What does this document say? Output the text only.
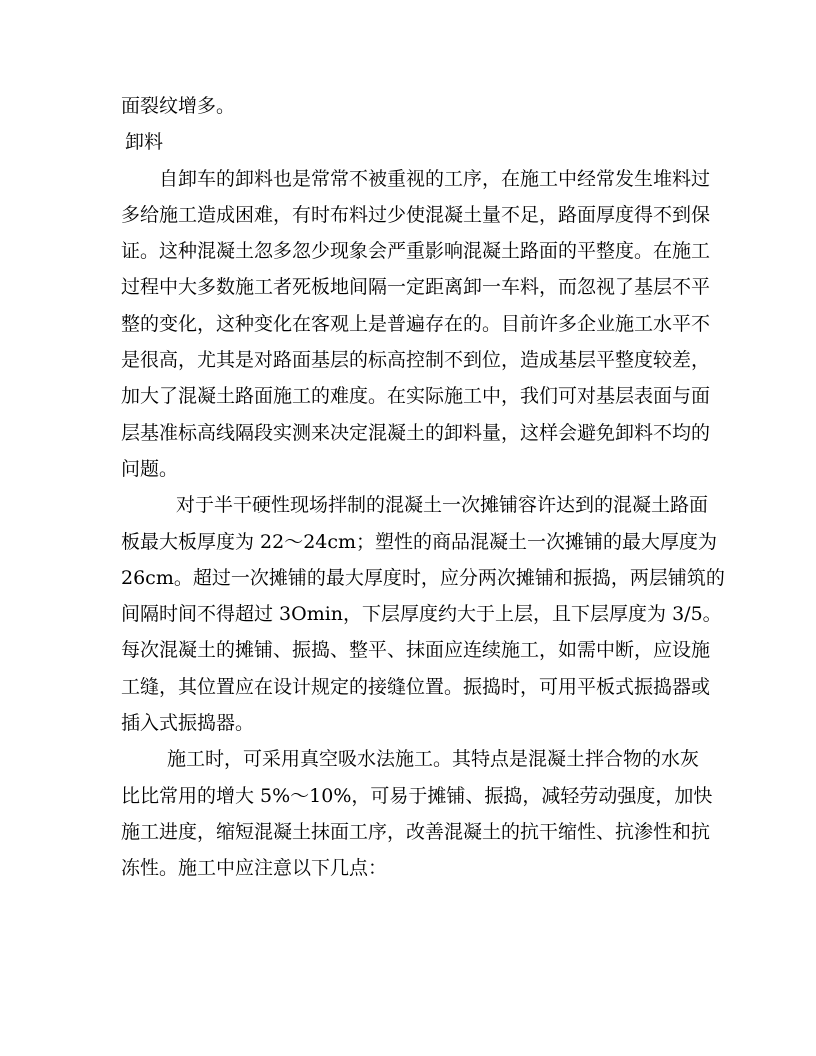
面裂纹增多。
卸料
自卸车的卸料也是常常不被重视的工序，在施工中经常发生堆料过
多给施工造成困难，有时布料过少使混凝土量不足，路面厚度得不到保
证。这种混凝土忽多忽少现象会严重影响混凝土路面的平整度。在施工
过程中大多数施工者死板地间隔一定距离卸一车料，而忽视了基层不平
整的变化，这种变化在客观上是普遍存在的。目前许多企业施工水平不
是很高，尤其是对路面基层的标高控制不到位，造成基层平整度较差，
加大了混凝土路面施工的难度。在实际施工中，我们可对基层表面与面
层基准标高线隔段实测来决定混凝土的卸料量，这样会避免卸料不均的
问题。
对于半干硬性现场拌制的混凝土一次摊铺容许达到的混凝土路面
板最大板厚度为 22～24cm；塑性的商品混凝土一次摊铺的最大厚度为
26cm。超过一次摊铺的最大厚度时，应分两次摊铺和振捣，两层铺筑的
间隔时间不得超过 3Omin，下层厚度约大于上层，且下层厚度为 3/5。
每次混凝土的摊铺、振捣、整平、抹面应连续施工，如需中断，应设施
工缝，其位置应在设计规定的接缝位置。振捣时，可用平板式振捣器或
插入式振捣器。
施工时，可采用真空吸水法施工。其特点是混凝土拌合物的水灰
比比常用的增大 5%～10%，可易于摊铺、振捣，减轻劳动强度，加快
施工进度，缩短混凝土抹面工序，改善混凝土的抗干缩性、抗渗性和抗
冻性。施工中应注意以下几点：
